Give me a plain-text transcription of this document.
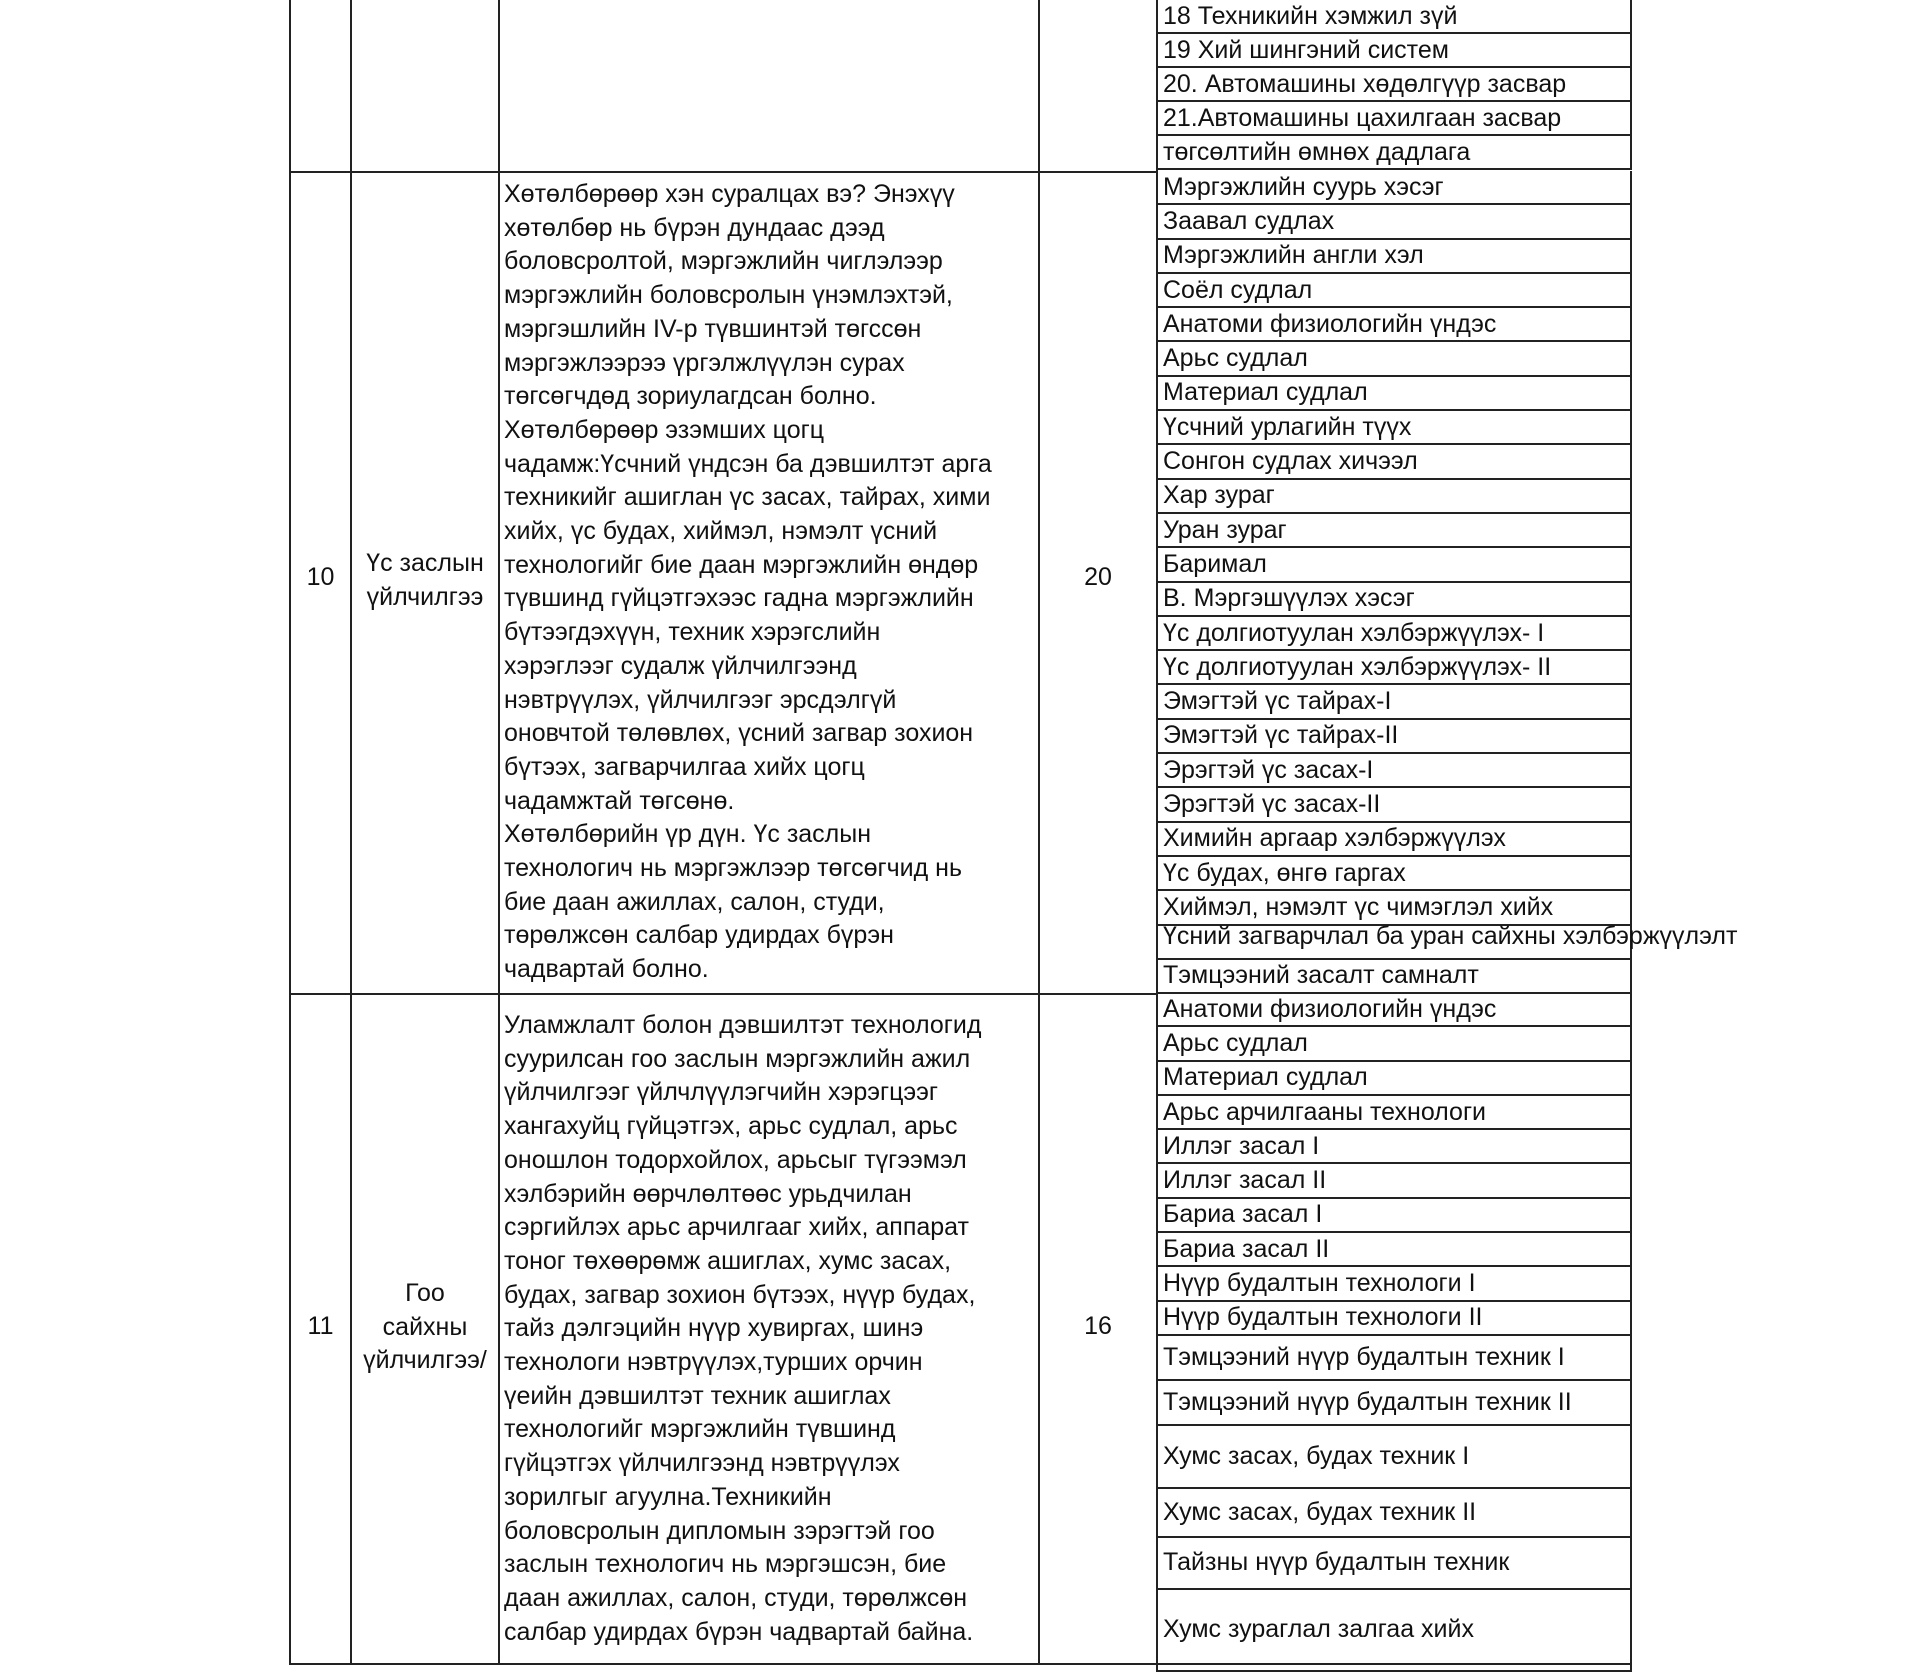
18 Техникийн хэмжил зүй
19 Хий шингэний систем
20. Автомашины хөдөлгүүр засвар
21.Автомашины цахилгаан засвар
төгсөлтийн өмнөх дадлага
10	Үс заслын
үйлчилгээ
Хөтөлбөрөөр хэн суралцах вэ? Энэхүү
хөтөлбөр нь бүрэн дундаас дээд
боловсролтой, мэргэжлийн чиглэлээр
мэргэжлийн боловсролын үнэмлэхтэй,
мэргэшлийн IV-р түвшинтэй төгссөн
мэргэжлээрээ үргэлжлүүлэн сурах
төгсөгчдөд зориулагдсан болно.
Хөтөлбөрөөр эзэмших цогц
чадамж:Үсчний үндсэн ба дэвшилтэт арга
техникийг ашиглан үс засах, тайрах, хими
хийх, үс будах, хиймэл, нэмэлт үсний
технологийг бие даан мэргэжлийн өндөр
түвшинд гүйцэтгэхээс гадна мэргэжлийн
бүтээгдэхүүн, техник хэрэгслийн
хэрэглээг судалж үйлчилгээнд
нэвтрүүлэх, үйлчилгээг эрсдэлгүй
оновчтой төлөвлөх, үсний загвар зохион
бүтээх, загварчилгаа хийх цогц
чадамжтай төгсөнө.
Хөтөлбөрийн үр дүн. Үс заслын
технологич нь мэргэжлээр төгсөгчид нь
бие даан ажиллах, салон, студи,
төрөлжсөн салбар удирдах бүрэн
чадвартай болно.
20
Мэргэжлийн суурь хэсэг
Заавал судлах
Мэргэжлийн англи хэл
Соёл судлал
Анатоми физиологийн үндэс
Арьс судлал
Материал судлал
Үсчний урлагийн түүх
Сонгон судлах хичээл
Хар зураг
Уран зураг
Баримал
В. Мэргэшүүлэх хэсэг
Үс долгиотуулан хэлбэржүүлэх- I
Үс долгиотуулан хэлбэржүүлэх- II
Эмэгтэй үс тайрах-I
Эмэгтэй үс тайрах-II
Эрэгтэй үс засах-I
Эрэгтэй үс засах-II
Химийн аргаар хэлбэржүүлэх
Үс будах, өнгө гаргах
Хиймэл, нэмэлт үс чимэглэл хийх
Үсний загварчлал ба уран сайхны хэлбэржүүлэлт
Тэмцээний засалт самналт
11
Гоо
сайхны
үйлчилгээ/
Уламжлалт болон дэвшилтэт технологид
суурилсан гоо заслын мэргэжлийн ажил
үйлчилгээг үйлчлүүлэгчийн хэрэгцээг
хангахуйц гүйцэтгэх, арьс судлал, арьс
оношлон тодорхойлох, арьсыг түгээмэл
хэлбэрийн өөрчлөлтөөс урьдчилан
сэргийлэх арьс арчилгааг хийх, аппарат
тоног төхөөрөмж ашиглах, хумс засах,
будах, загвар зохион бүтээх, нүүр будах,
тайз дэлгэцийн нүүр хувиргах, шинэ
технологи нэвтрүүлэх,турших орчин
үеийн дэвшилтэт техник ашиглах
технологийг мэргэжлийн түвшинд
гүйцэтгэх үйлчилгээнд нэвтрүүлэх
зорилгыг агуулна.Техникийн
боловсролын дипломын зэрэгтэй гоо
заслын технологич нь мэргэшсэн, бие
даан ажиллах, салон, студи, төрөлжсөн
салбар удирдах бүрэн чадвартай байна.
16
Анатоми физиологийн үндэс
Арьс судлал
Материал судлал
Арьс арчилгааны технологи
Иллэг засал I
Иллэг засал II
Бариа засал I
Бариа засал II
Нүүр будалтын технологи I
Нүүр будалтын технологи II
Тэмцээний нүүр будалтын техник I
Тэмцээний нүүр будалтын техник II
Хумс засах, будах техник I
Хумс засах, будах техник II
Тайзны нүүр будалтын техник
Хумс зураглал залгаа хийх
